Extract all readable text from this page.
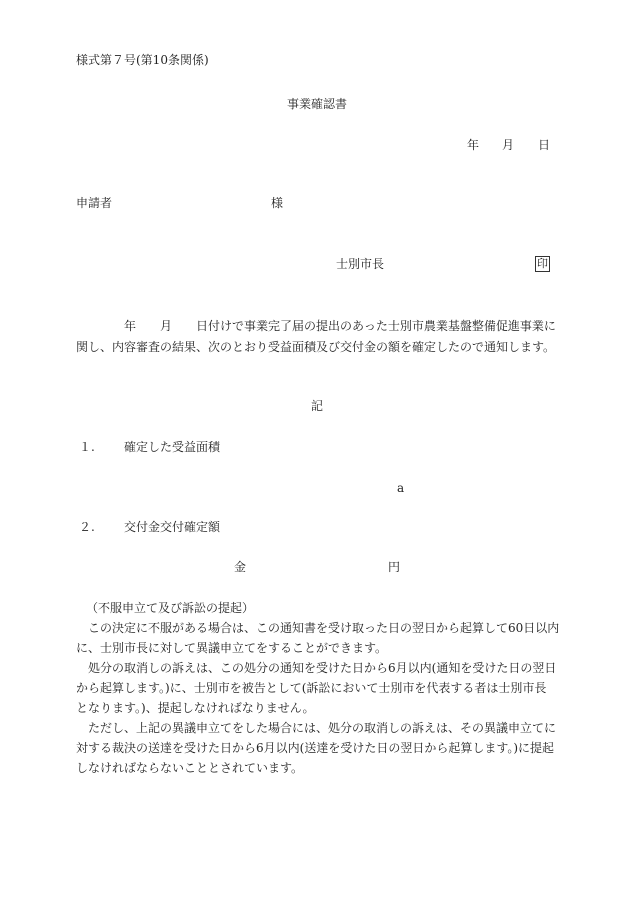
様式第７号(第10条関係)
事業確認書
年 月 日
申請者	様
士別市長	印
年 月 日付けで事業完了届の提出のあった士別市農業基盤整備促進事業に
関し、内容審査の結果、次のとおり受益面積及び交付金の額を確定したので通知します。
記
１. 確定した受益面積
a
２. 交付金交付確定額
金	円
（不服申立て及び訴訟の提起）
この決定に不服がある場合は、この通知書を受け取った日の翌日から起算して60日以内
に、士別市長に対して異議申立てをすることができます。
処分の取消しの訴えは、この処分の通知を受けた日から6月以内(通知を受けた日の翌日
から起算します。)に、士別市を被告として(訴訟において士別市を代表する者は士別市長
となります。)、提起しなければなりません。
ただし、上記の異議申立てをした場合には、処分の取消しの訴えは、その異議申立てに
対する裁決の送達を受けた日から6月以内(送達を受けた日の翌日から起算します。)に提起
しなければならないこととされています。
